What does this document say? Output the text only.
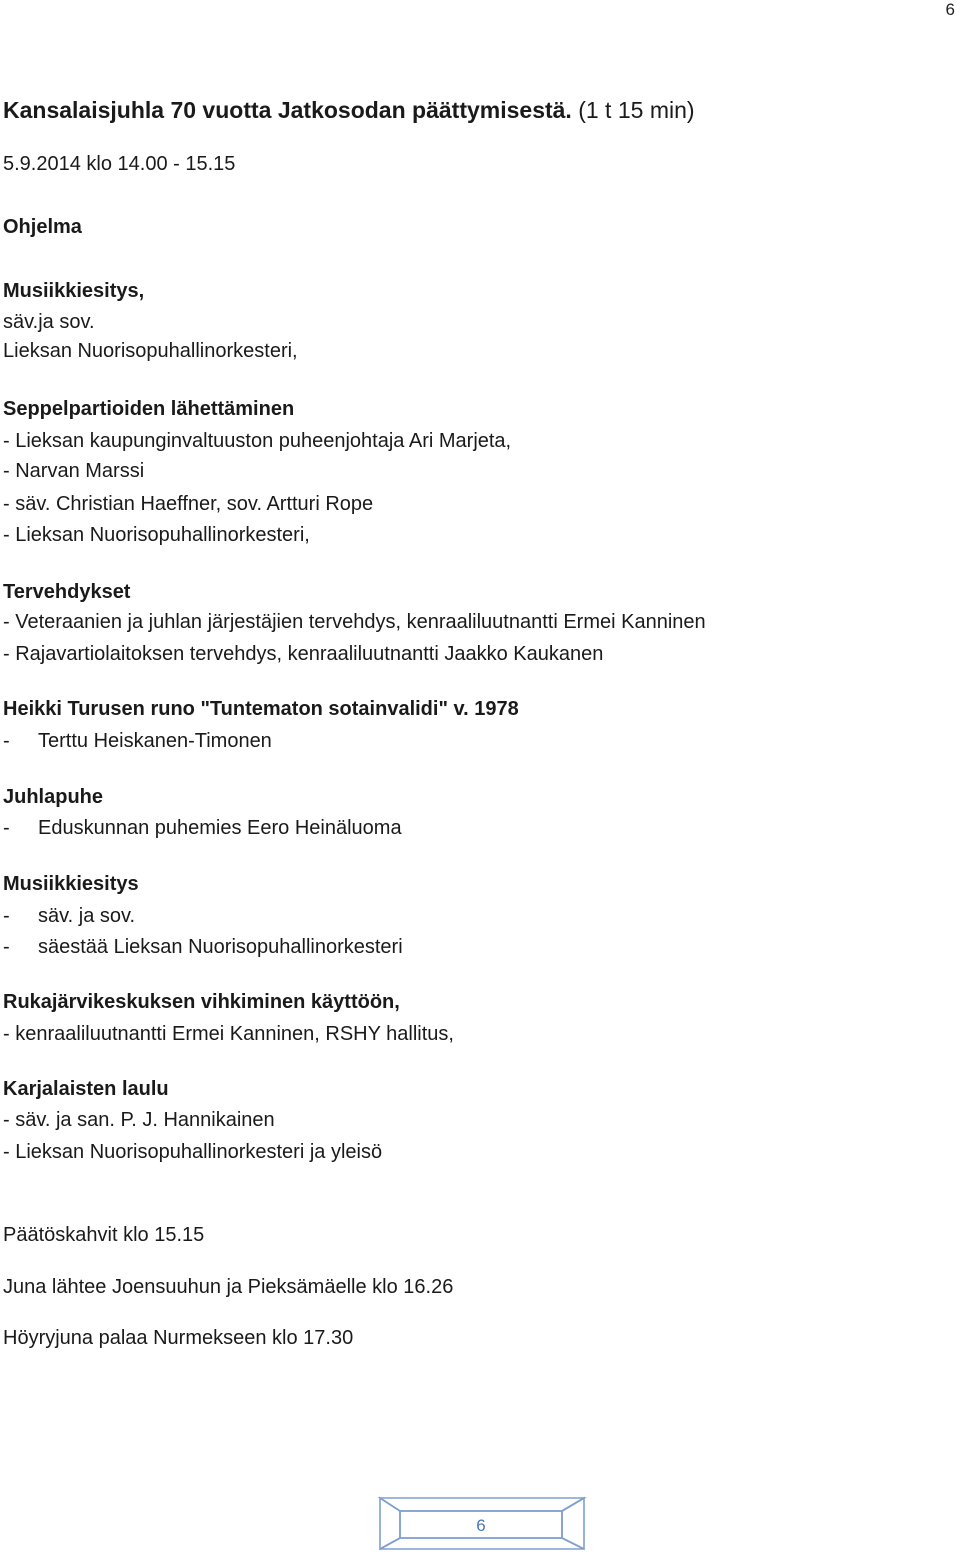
6
Kansalaisjuhla 70 vuotta Jatkosodan päättymisestä. (1 t 15 min)
5.9.2014 klo 14.00 - 15.15
Ohjelma
Musiikkiesitys,
säv.ja sov.
Lieksan Nuorisopuhallinorkesteri,
Seppelpartioiden lähettäminen
- Lieksan kaupunginvaltuuston puheenjohtaja Ari Marjeta,
- Narvan Marssi
- säv. Christian Haeffner, sov. Artturi Rope
- Lieksan Nuorisopuhallinorkesteri,
Tervehdykset
- Veteraanien ja juhlan järjestäjien tervehdys, kenraaliluutnantti Ermei Kanninen
- Rajavartiolaitoksen tervehdys, kenraaliluutnantti Jaakko Kaukanen
Heikki Turusen runo "Tuntematon sotainvalidi" v. 1978
- Terttu Heiskanen-Timonen
Juhlapuhe
- Eduskunnan puhemies Eero Heinäluoma
Musiikkiesitys
- säv. ja sov.
- säestää Lieksan Nuorisopuhallinorkesteri
Rukajärvikeskuksen vihkiminen käyttöön,
- kenraaliluutnantti Ermei Kanninen, RSHY hallitus,
Karjalaisten laulu
- säv. ja san. P. J. Hannikainen
- Lieksan Nuorisopuhallinorkesteri ja yleisö
Päätöskahvit klo 15.15
Juna lähtee Joensuuhun ja Pieksämäelle klo 16.26
Höyryjuna palaa Nurmekseen klo 17.30
6
